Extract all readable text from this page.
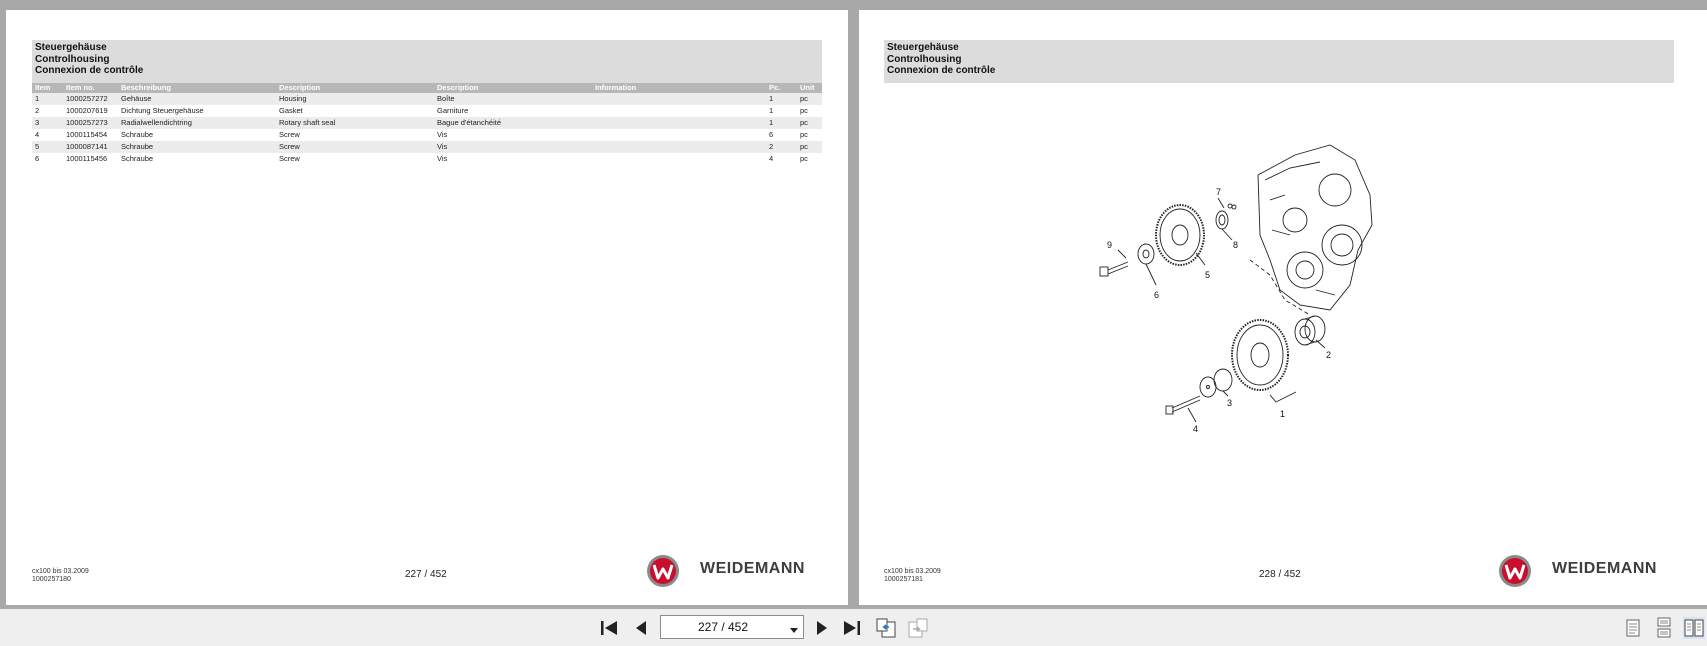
Steuergehäuse
Controlhousing
Connexion de contrôle
Item	Item no.	Beschreibung	Description	Description	Information	Pc.	Unit
1	1000257272	Gehäuse	Housing	Boîte		1	pc
2	1000207619	Dichtung Steuergehäuse	Gasket	Garniture		1	pc
3	1000257273	Radialwellendichtring	Rotary shaft seal	Bague d'étanchéité		1	pc
4	1000115454	Schraube	Screw	Vis		6	pc
5	1000087141	Schraube	Screw	Vis		2	pc
6	1000115456	Schraube	Screw	Vis		4	pc
cx100 bis 03.2009
1000257180	227 / 452	WEIDEMANN
Steuergehäuse
Controlhousing
Connexion de contrôle
5
6
9	8
7
2
3
4
1
cx100 bis 03.2009
1000257181	228 / 452	WEIDEMANN
227 / 452
